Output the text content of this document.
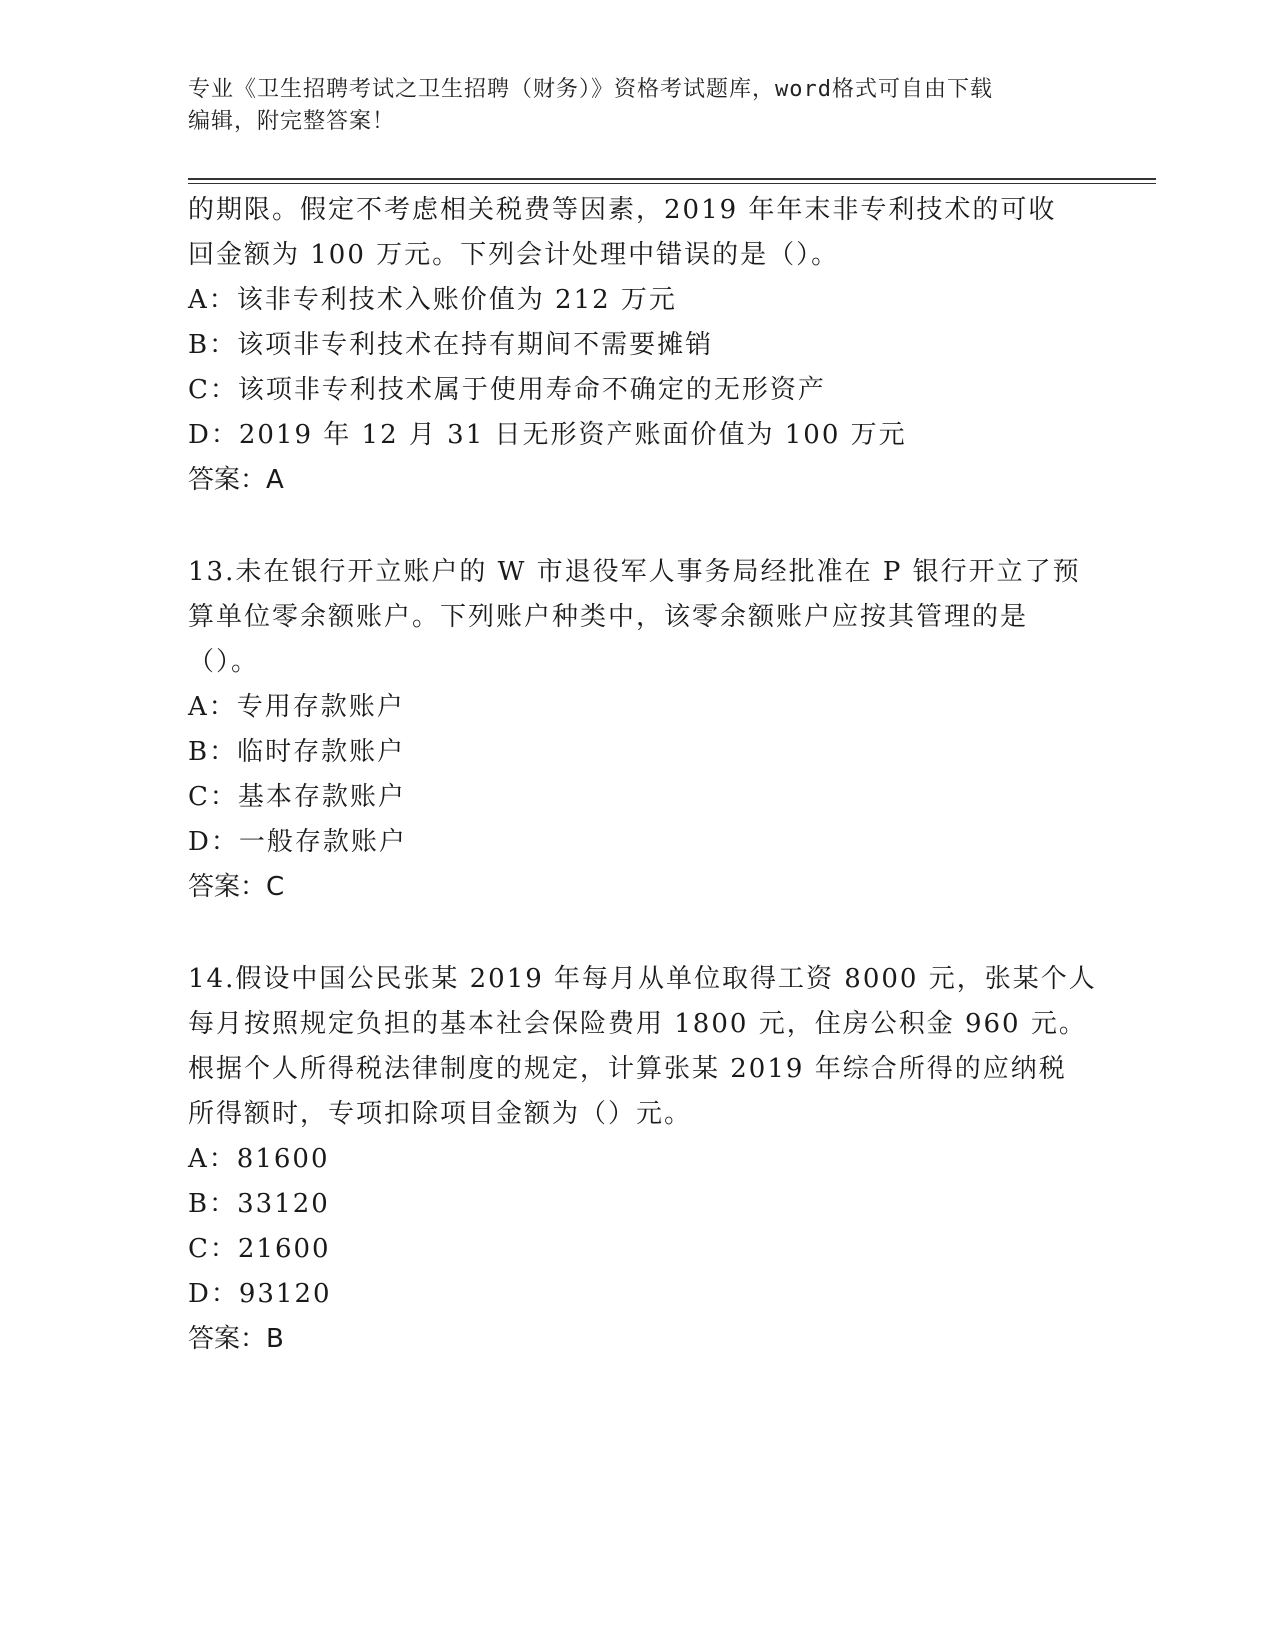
专业《卫生招聘考试之卫生招聘（财务）》资格考试题库，word格式可自由下载
编辑，附完整答案！
的期限。假定不考虑相关税费等因素，2019 年年末非专利技术的可收
回金额为 100 万元。下列会计处理中错误的是（）。
A：该非专利技术入账价值为 212 万元
B：该项非专利技术在持有期间不需要摊销
C：该项非专利技术属于使用寿命不确定的无形资产
D：2019 年 12 月 31 日无形资产账面价值为 100 万元
答案：A
13.未在银行开立账户的 W 市退役军人事务局经批准在 P 银行开立了预
算单位零余额账户。下列账户种类中，该零余额账户应按其管理的是
（）。
A：专用存款账户
B：临时存款账户
C：基本存款账户
D：一般存款账户
答案：C
14.假设中国公民张某 2019 年每月从单位取得工资 8000 元，张某个人
每月按照规定负担的基本社会保险费用 1800 元，住房公积金 960 元。
根据个人所得税法律制度的规定，计算张某 2019 年综合所得的应纳税
所得额时，专项扣除项目金额为（）元。
A：81600
B：33120
C：21600
D：93120
答案：B
